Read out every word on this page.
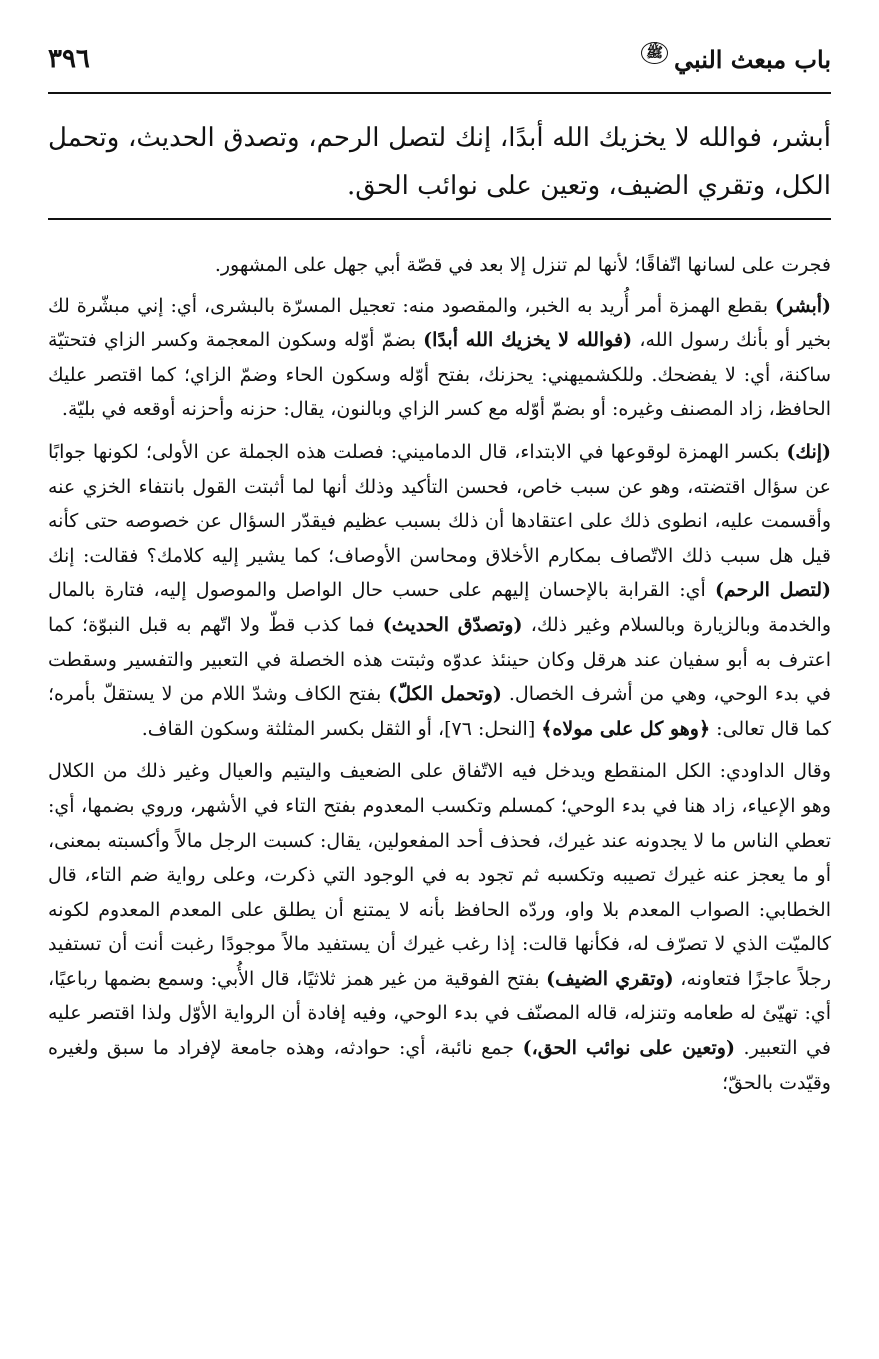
باب مبعث النبي
ﷺ
٣٩٦

أبشر، فوالله لا يخزيك الله أبدًا، إنك لتصل الرحم، وتصدق الحديث، وتحمل الكل، وتقري الضيف، وتعين على نوائب الحق.

فجرت على لسانها اتّفاقًا؛ لأنها لم تنزل إلا بعد في قصّة أبي جهل على المشهور.

(أبشر) بقطع الهمزة أمر أُريد به الخبر، والمقصود منه: تعجيل المسرّة بالبشرى، أي: إني مبشّرة لك بخير أو بأنك رسول الله، (فوالله لا يخزيك الله أبدًا) بضمّ أوّله وسكون المعجمة وكسر الزاي فتحتيّة ساكنة، أي: لا يفضحك. وللكشميهني: يحزنك، بفتح أوّله وسكون الحاء وضمّ الزاي؛ كما اقتصر عليك الحافظ، زاد المصنف وغيره: أو بضمّ أوّله مع كسر الزاي وبالنون، يقال: حزنه وأحزنه أوقعه في بليّة.

(إنك) بكسر الهمزة لوقوعها في الابتداء، قال الدماميني: فصلت هذه الجملة عن الأولى؛ لكونها جوابًا عن سؤال اقتضته، وهو عن سبب خاص، فحسن التأكيد وذلك أنها لما أثبتت القول بانتفاء الخزي عنه وأقسمت عليه، انطوى ذلك على اعتقادها أن ذلك بسبب عظيم فيقدّر السؤال عن خصوصه حتى كأنه قيل هل سبب ذلك الاتّصاف بمكارم الأخلاق ومحاسن الأوصاف؛ كما يشير إليه كلامك؟ فقالت: إنك (لتصل الرحم) أي: القرابة بالإحسان إليهم على حسب حال الواصل والموصول إليه، فتارة بالمال والخدمة وبالزيارة وبالسلام وغير ذلك، (وتصدّق الحديث) فما كذب قطّ ولا اتّهم به قبل النبوّة؛ كما اعترف به أبو سفيان عند هرقل وكان حينئذ عدوّه وثبتت هذه الخصلة في التعبير والتفسير وسقطت في بدء الوحي، وهي من أشرف الخصال. (وتحمل الكلّ) بفتح الكاف وشدّ اللام من لا يستقلّ بأمره؛ كما قال تعالى: ﴿وهو كل على مولاه﴾ [النحل: ٧٦]، أو الثقل بكسر المثلثة وسكون القاف.

وقال الداودي: الكل المنقطع ويدخل فيه الاتّفاق على الضعيف واليتيم والعيال وغير ذلك من الكلال وهو الإعياء، زاد هنا في بدء الوحي؛ كمسلم وتكسب المعدوم بفتح التاء في الأشهر، وروي بضمها، أي: تعطي الناس ما لا يجدونه عند غيرك، فحذف أحد المفعولين، يقال: كسبت الرجل مالاً وأكسبته بمعنى، أو ما يعجز عنه غيرك تصيبه وتكسبه ثم تجود به في الوجود التي ذكرت، وعلى رواية ضم التاء، قال الخطابي: الصواب المعدم بلا واو، وردّه الحافظ بأنه لا يمتنع أن يطلق على المعدم المعدوم لكونه كالميّت الذي لا تصرّف له، فكأنها قالت: إذا رغب غيرك أن يستفيد مالاً موجودًا رغبت أنت أن تستفيد رجلاً عاجزًا فتعاونه، (وتقري الضيف) بفتح الفوقية من غير همز ثلاثيًا، قال الأُبي: وسمع بضمها رباعيًا، أي: تهيّئ له طعامه وتنزله، قاله المصنّف في بدء الوحي، وفيه إفادة أن الرواية الأوّل ولذا اقتصر عليه في التعبير. (وتعين على نوائب الحق،) جمع نائبة، أي: حوادثه، وهذه جامعة لإفراد ما سبق ولغيره وقيّدت بالحقّ؛
